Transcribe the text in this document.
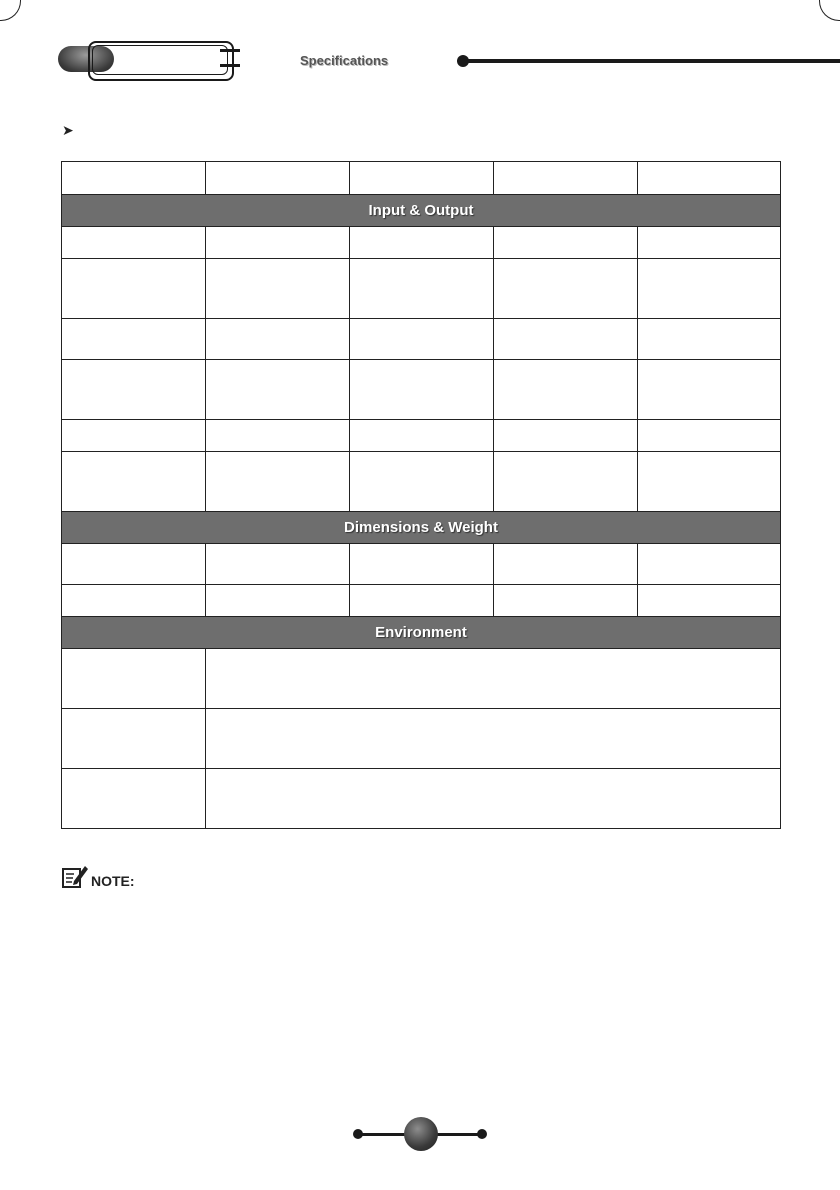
Specifications
➤

Input & Output				

Dimensions & Weight				

Environment				

NOTE:
